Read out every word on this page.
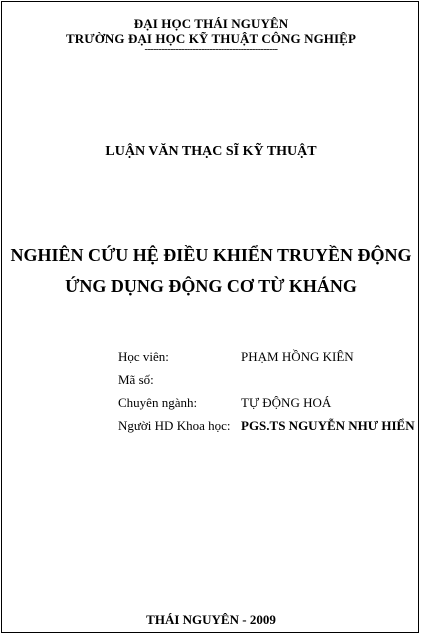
ĐẠI HỌC THÁI NGUYÊN
TRƯỜNG ĐẠI HỌC KỸ THUẬT CÔNG NGHIỆP
-----------------------------------------------
LUẬN VĂN THẠC SĨ KỸ THUẬT
NGHIÊN CỨU HỆ ĐIỀU KHIỂN TRUYỀN ĐỘNG
ỨNG DỤNG ĐỘNG CƠ TỪ KHÁNG
Học viên:	PHẠM HỒNG KIÊN
Mã số:
Chuyên ngành:	TỰ ĐỘNG HOÁ
Người HD Khoa học: PGS.TS NGUYỄN NHƯ HIỂN
THÁI NGUYÊN - 2009
